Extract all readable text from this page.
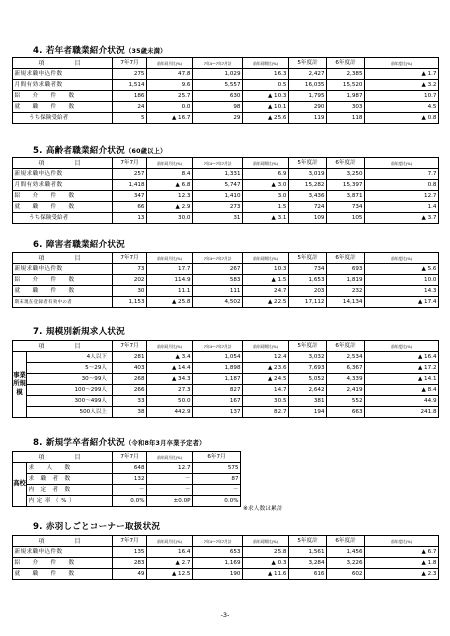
4. 若年者職業紹介状況（35歳未満）
項　　目	7年7月	前年同月比(%)	7年4～7年7月計	前年同期比(%)	5年度計	6年度計	前年度比(%)
新規求職申込件数	275	47.8	1,029	16.3	2,427	2,385	▲ 1.7
月間有効求職者数	1,514	9.6	5,557	0.5	16,035	15,520	▲ 3.2
紹　　介　　件　　数	186	25.7	630	▲ 10.3	1,795	1,987	10.7
就　　職　　件　　数	24	0.0	98	▲ 10.1	290	303	4.5
うち保険受給者	5	▲ 16.7	29	▲ 25.6	119	118	▲ 0.8
5. 高齢者職業紹介状況（60歳以上）
項　　目	7年7月	前年同月比(%)	7年4～7年7月計	前年同期比(%)	5年度計	6年度計	前年度比(%)
新規求職申込件数	257	8.4	1,331	6.9	3,019	3,250	7.7
月間有効求職者数	1,418	▲ 6.8	5,747	▲ 3.0	15,282	15,397	0.8
紹　　介　　件　　数	347	12.3	1,410	3.0	3,436	3,871	12.7
就　　職　　件　　数	66	▲ 2.9	273	1.5	724	734	1.4
うち保険受給者	13	30.0	31	▲ 3.1	109	105	▲ 3.7
6. 障害者職業紹介状況
項　　目	7年7月	前年同月比(%)	7年4～7年7月計	前年同期比(%)	5年度計	6年度計	前年度比(%)
新規求職申込件数	73	17.7	267	10.3	734	693	▲ 5.6
紹　　介　　件　　数	202	114.9	583	▲ 1.5	1,653	1,819	10.0
就　　職　　件　　数	30	11.1	111	24.7	203	232	14.3
期末現在登録者有効中の者	1,153	▲ 25.8	4,502	▲ 22.5	17,112	14,134	▲ 17.4
7. 規模別新規求人状況
項　　目		7年7月	前年同月比(%)	7年4～7年7月計	前年同期比(%)	5年度計	6年度計	前年度比(%)
事業所規模	4人以下	281	▲ 3.4	1,054	12.4	3,032	2,534	▲ 16.4
	5～29人	403	▲ 14.4	1,898	▲ 23.6	7,693	6,367	▲ 17.2
	30～99人	268	▲ 34.3	1,187	▲ 24.5	5,052	4,339	▲ 14.1
	100～299人	266	27.3	827	14.7	2,642	2,419	▲ 8.4
	300～499人	33	50.0	167	30.5	381	552	44.9
	500人以上	38	442.9	137	82.7	194	663	241.8
8. 新規学卒者紹介状況（令和8年3月卒業予定者）
項　　目		7年7月	前年同月比(%)	6年7月
高校	求　　人　　数	648	12.7	575
	求　職　者　数	132	－	87
	内　定　者　数	－	－	－
	内 定 率 （ % ）	0.0%	±0.0P	0.0%
※求人数は累計
9. 赤羽しごとコーナー取扱状況
項　　目	7年7月	前年同月比(%)	7年4～7年7月計	前年同期比(%)	5年度計	6年度計	前年度比(%)
新規求職申込件数	135	16.4	653	25.8	1,561	1,456	▲ 6.7
紹　　介　　件　　数	283	▲ 2.7	1,169	▲ 0.3	3,284	3,226	▲ 1.8
就　　職　　件　　数	49	▲ 12.5	190	▲ 11.6	616	602	▲ 2.3
-3-
